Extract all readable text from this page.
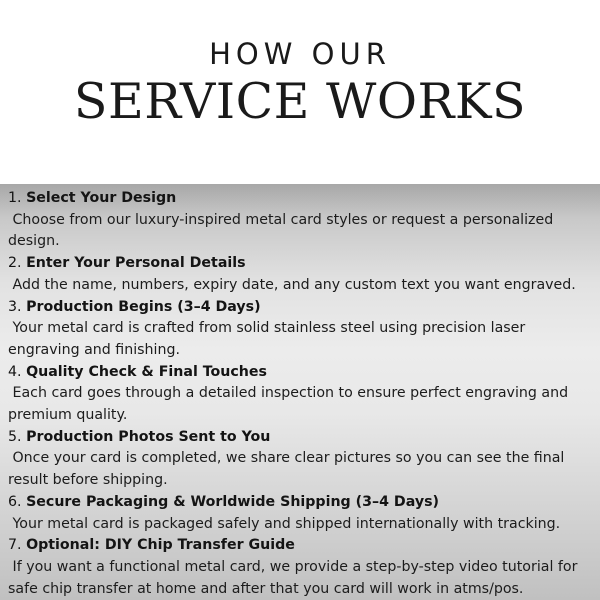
HOW OUR
SERVICE WORKS
1. Select Your Design
Choose from our luxury-inspired metal card styles or request a personalized design.
2. Enter Your Personal Details
Add the name, numbers, expiry date, and any custom text you want engraved.
3. Production Begins (3–4 Days)
Your metal card is crafted from solid stainless steel using precision laser engraving and finishing.
4. Quality Check & Final Touches
Each card goes through a detailed inspection to ensure perfect engraving and premium quality.
5. Production Photos Sent to You
Once your card is completed, we share clear pictures so you can see the final result before shipping.
6. Secure Packaging & Worldwide Shipping (3–4 Days)
Your metal card is packaged safely and shipped internationally with tracking.
7. Optional: DIY Chip Transfer Guide
If you want a functional metal card, we provide a step-by-step video tutorial for safe chip transfer at home and after that you card will work in atms/pos.
